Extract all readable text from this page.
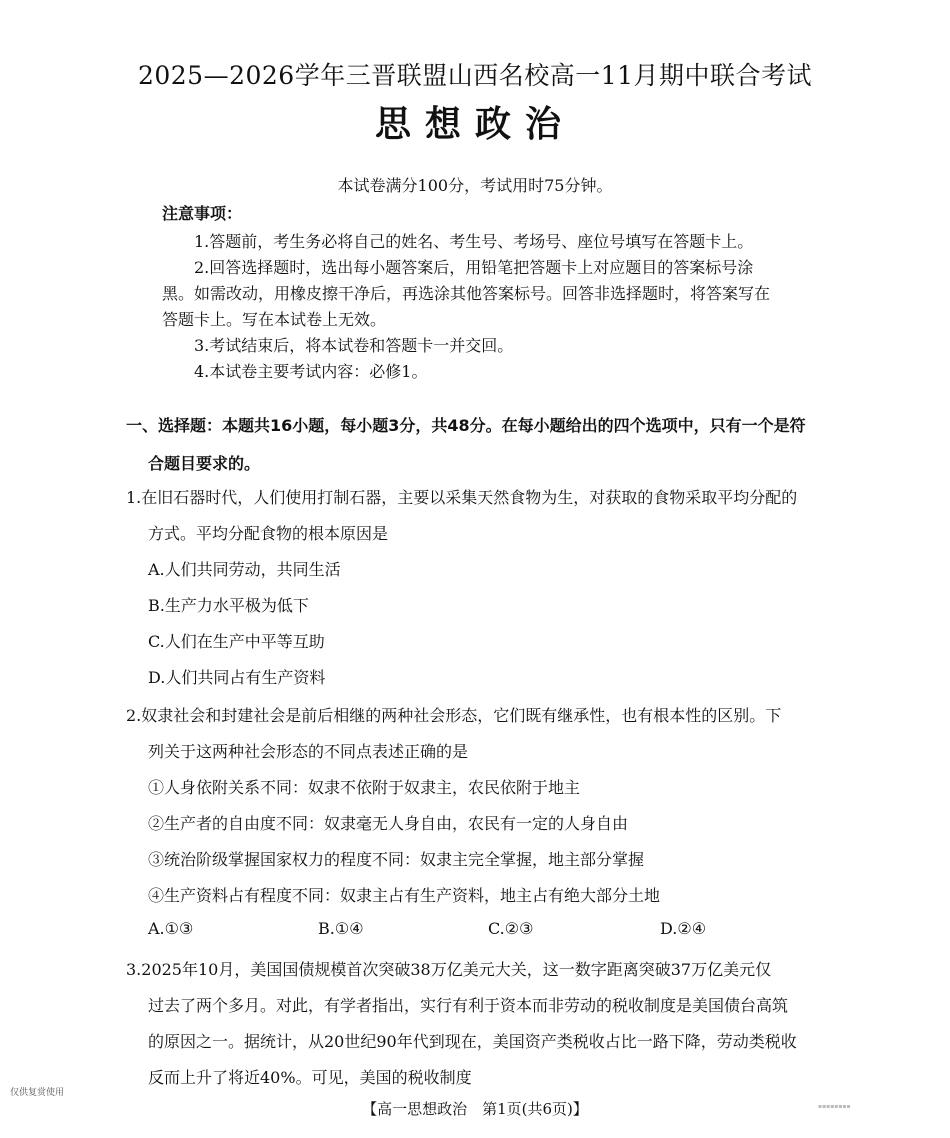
2025—2026学年三晋联盟山西名校高一11月期中联合考试
思想政治
本试卷满分100分，考试用时75分钟。
注意事项：
1.答题前，考生务必将自己的姓名、考生号、考场号、座位号填写在答题卡上。
2.回答选择题时，选出每小题答案后，用铅笔把答题卡上对应题目的答案标号涂
黑。如需改动，用橡皮擦干净后，再选涂其他答案标号。回答非选择题时，将答案写在
答题卡上。写在本试卷上无效。
3.考试结束后，将本试卷和答题卡一并交回。
4.本试卷主要考试内容：必修1。
一、选择题：本题共16小题，每小题3分，共48分。在每小题给出的四个选项中，只有一个是符
合题目要求的。
1.在旧石器时代，人们使用打制石器，主要以采集天然食物为生，对获取的食物采取平均分配的
方式。平均分配食物的根本原因是
A.人们共同劳动，共同生活
B.生产力水平极为低下
C.人们在生产中平等互助
D.人们共同占有生产资料
2.奴隶社会和封建社会是前后相继的两种社会形态，它们既有继承性，也有根本性的区别。下
列关于这两种社会形态的不同点表述正确的是
①人身依附关系不同：奴隶不依附于奴隶主，农民依附于地主
②生产者的自由度不同：奴隶毫无人身自由，农民有一定的人身自由
③统治阶级掌握国家权力的程度不同：奴隶主完全掌握，地主部分掌握
④生产资料占有程度不同：奴隶主占有生产资料，地主占有绝大部分土地
A.①③	B.①④	C.②③	D.②④
3.2025年10月，美国国债规模首次突破38万亿美元大关，这一数字距离突破37万亿美元仅
过去了两个多月。对此，有学者指出，实行有利于资本而非劳动的税收制度是美国债台高筑
的原因之一。据统计，从20世纪90年代到现在，美国资产类税收占比一路下降，劳动类税收
反而上升了将近40%。可见，美国的税收制度
仅供复赏使用
【高一思想政治　第1页(共6页)】	▪▪▪▪▪▪▪▪
